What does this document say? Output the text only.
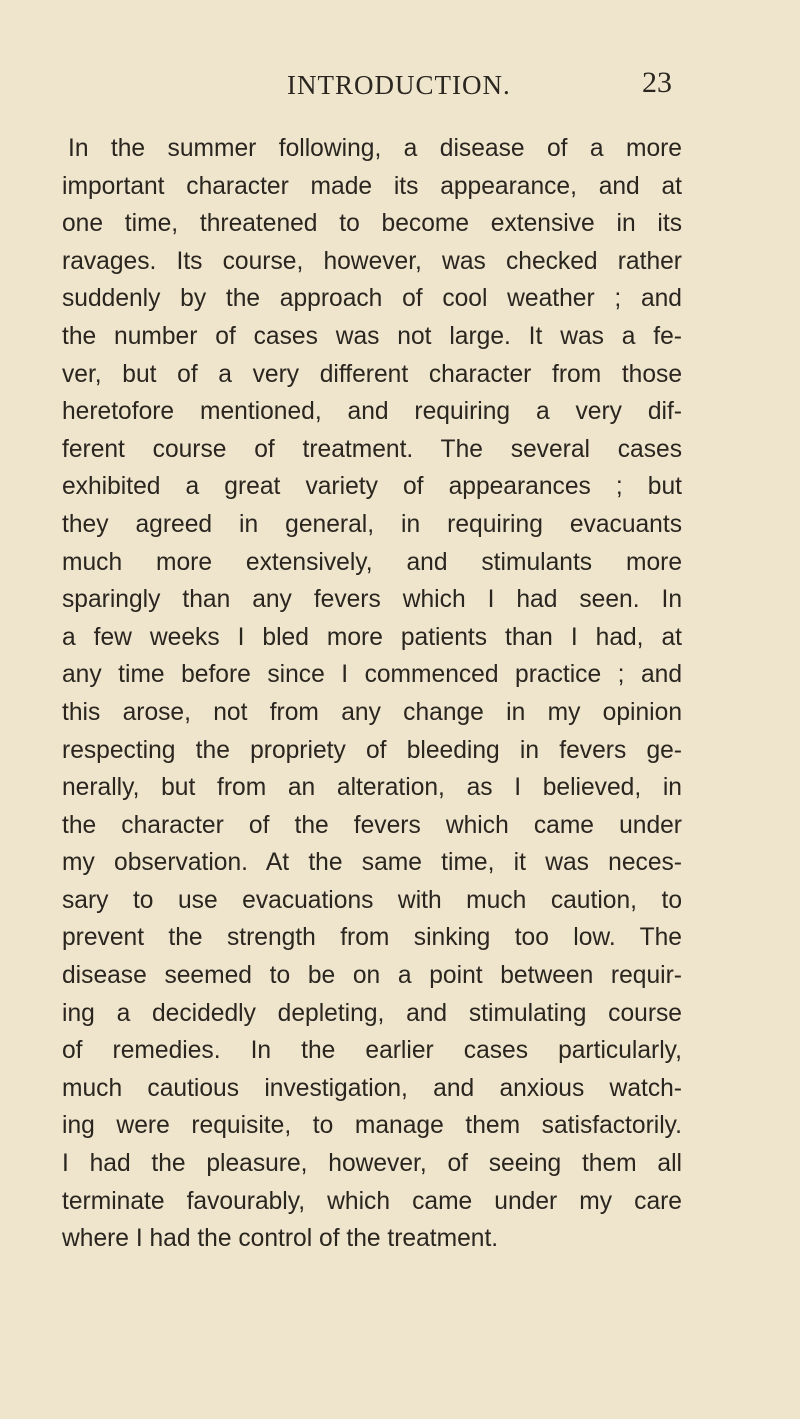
INTRODUCTION.	23
In the summer following, a disease of a more
important character made its appearance, and at
one time, threatened to become extensive in its
ravages. Its course, however, was checked rather
suddenly by the approach of cool weather ; and
the number of cases was not large. It was a fe-
ver, but of a very different character from those
heretofore mentioned, and requiring a very dif-
ferent course of treatment. The several cases
exhibited a great variety of appearances ; but
they agreed in general, in requiring evacuants
much more extensively, and stimulants more
sparingly than any fevers which I had seen. In
a few weeks I bled more patients than I had, at
any time before since I commenced practice ; and
this arose, not from any change in my opinion
respecting the propriety of bleeding in fevers ge-
nerally, but from an alteration, as I believed, in
the character of the fevers which came under
my observation. At the same time, it was neces-
sary to use evacuations with much caution, to
prevent the strength from sinking too low. The
disease seemed to be on a point between requir-
ing a decidedly depleting, and stimulating course
of remedies. In the earlier cases particularly,
much cautious investigation, and anxious watch-
ing were requisite, to manage them satisfactorily.
I had the pleasure, however, of seeing them all
terminate favourably, which came under my care
where I had the control of the treatment.
